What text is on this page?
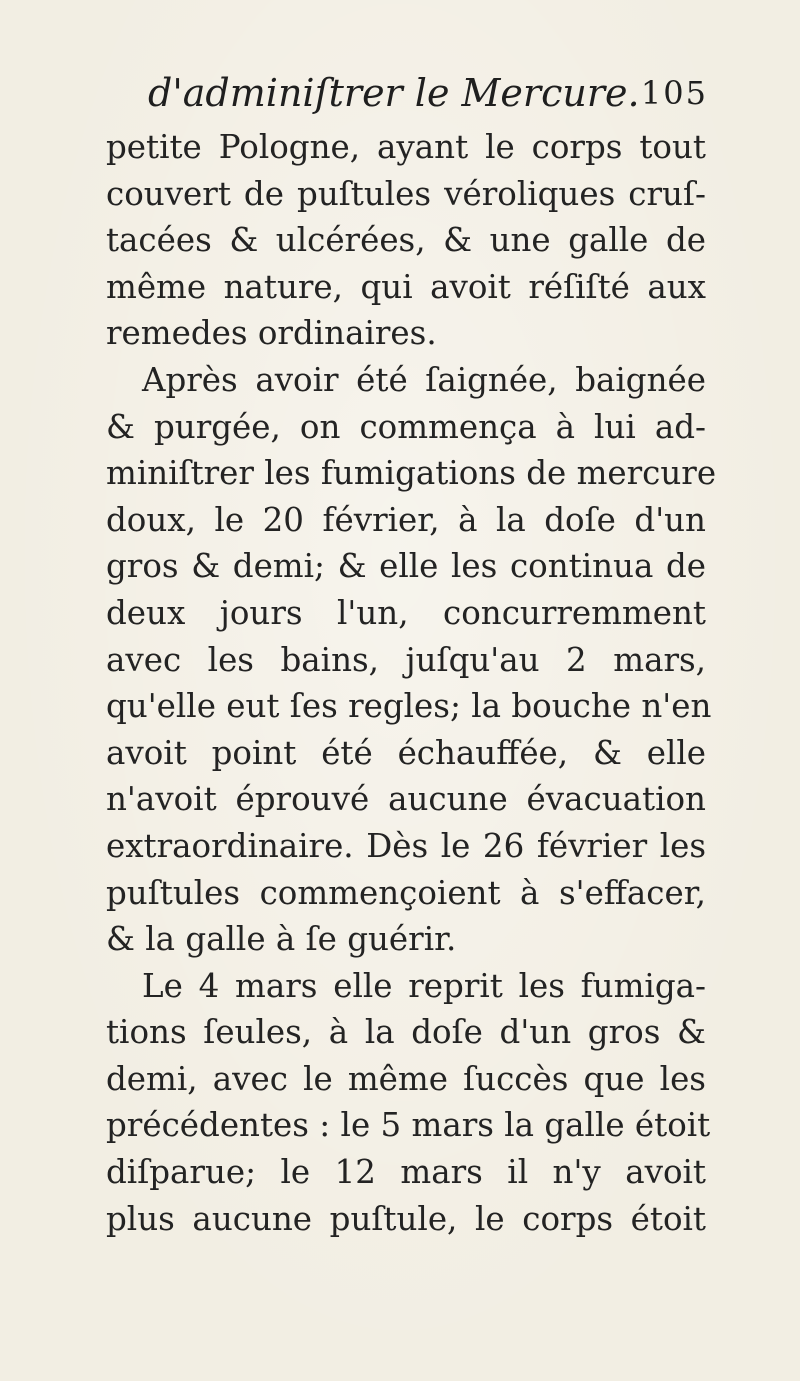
d'adminiſtrer le Mercure. 105
petite Pologne, ayant le corps tout
couvert de puſtules véroliques cruſ-
tacées & ulcérées, & une galle de
même nature, qui avoit réſiſté aux
remedes ordinaires.
Après avoir été ſaignée, baignée
& purgée, on commença à lui ad-
miniſtrer les fumigations de mercure
doux, le 20 février, à la doſe d'un
gros & demi; & elle les continua de
deux jours l'un, concurremment
avec les bains, juſqu'au 2 mars,
qu'elle eut ſes regles; la bouche n'en
avoit point été échauffée, & elle
n'avoit éprouvé aucune évacuation
extraordinaire. Dès le 26 février les
puſtules commençoient à s'effacer,
& la galle à ſe guérir.
Le 4 mars elle reprit les fumiga-
tions ſeules, à la doſe d'un gros &
demi, avec le même ſuccès que les
précédentes : le 5 mars la galle étoit
diſparue; le 12 mars il n'y avoit
plus aucune puſtule, le corps étoit
